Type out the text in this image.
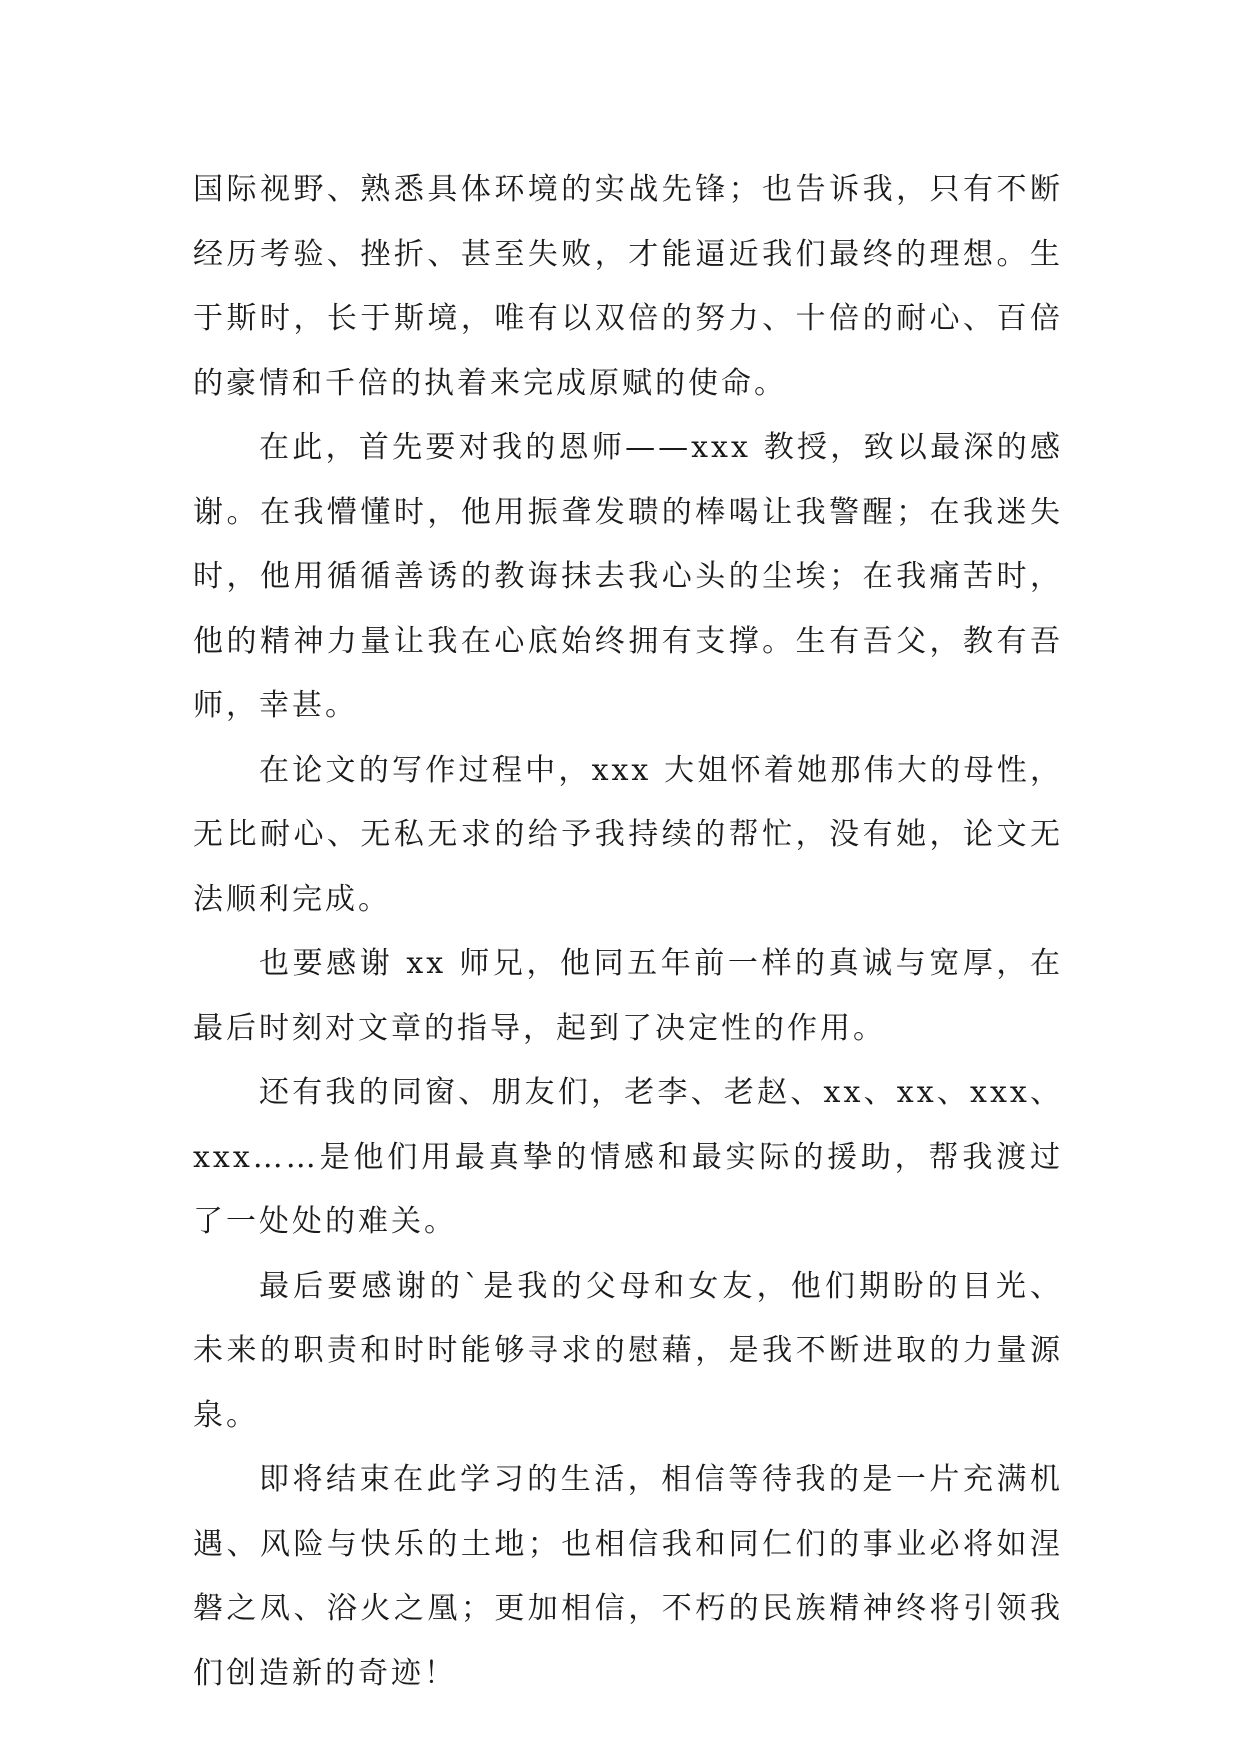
国际视野、熟悉具体环境的实战先锋；也告诉我，只有不断经历考验、挫折、甚至失败，才能逼近我们最终的理想。生于斯时，长于斯境，唯有以双倍的努力、十倍的耐心、百倍的豪情和千倍的执着来完成原赋的使命。

在此，首先要对我的恩师——xxx 教授，致以最深的感谢。在我懵懂时，他用振聋发聩的棒喝让我警醒；在我迷失时，他用循循善诱的教诲抹去我心头的尘埃；在我痛苦时，他的精神力量让我在心底始终拥有支撑。生有吾父，教有吾师，幸甚。

在论文的写作过程中，xxx 大姐怀着她那伟大的母性，无比耐心、无私无求的给予我持续的帮忙，没有她，论文无法顺利完成。

也要感谢 xx 师兄，他同五年前一样的真诚与宽厚，在最后时刻对文章的指导，起到了决定性的作用。

还有我的同窗、朋友们，老李、老赵、xx、xx、xxx、xxx……是他们用最真挚的情感和最实际的援助，帮我渡过了一处处的难关。

最后要感谢的`是我的父母和女友，他们期盼的目光、未来的职责和时时能够寻求的慰藉，是我不断进取的力量源泉。

即将结束在此学习的生活，相信等待我的是一片充满机遇、风险与快乐的土地；也相信我和同仁们的事业必将如涅磐之凤、浴火之凰；更加相信，不朽的民族精神终将引领我们创造新的奇迹！
